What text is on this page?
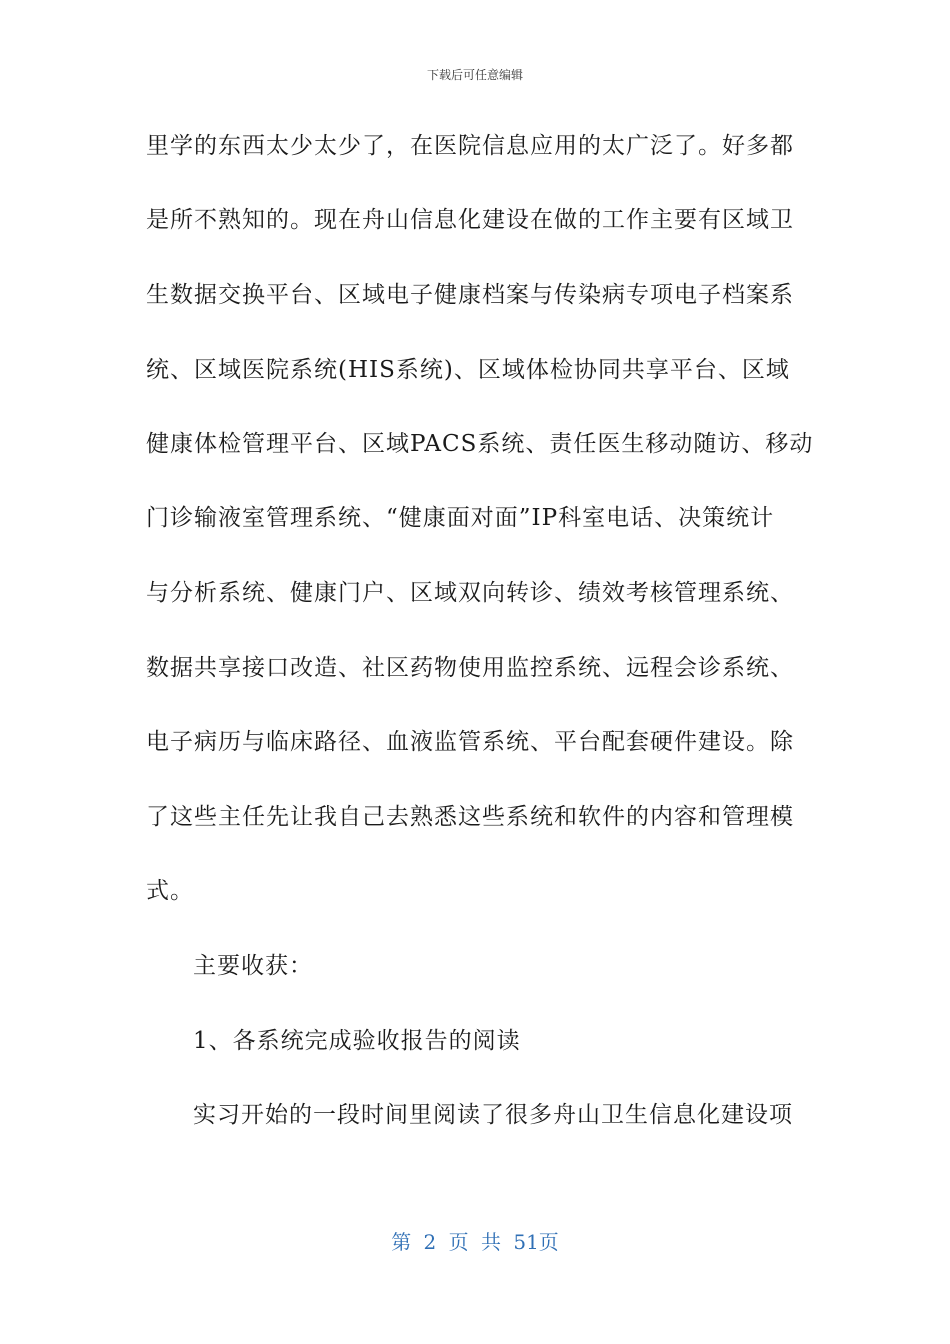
下载后可任意编辑
里学的东西太少太少了，在医院信息应用的太广泛了。好多都
是所不熟知的。现在舟山信息化建设在做的工作主要有区域卫
生数据交换平台、区域电子健康档案与传染病专项电子档案系
统、区域医院系统(HIS系统)、区域体检协同共享平台、区域
健康体检管理平台、区域PACS系统、责任医生移动随访、移动
门诊输液室管理系统、“健康面对面”IP科室电话、决策统计
与分析系统、健康门户、区域双向转诊、绩效考核管理系统、
数据共享接口改造、社区药物使用监控系统、远程会诊系统、
电子病历与临床路径、血液监管系统、平台配套硬件建设。除
了这些主任先让我自己去熟悉这些系统和软件的内容和管理模
式。
主要收获：
1、各系统完成验收报告的阅读
实习开始的一段时间里阅读了很多舟山卫生信息化建设项
第 2 页 共 51页
